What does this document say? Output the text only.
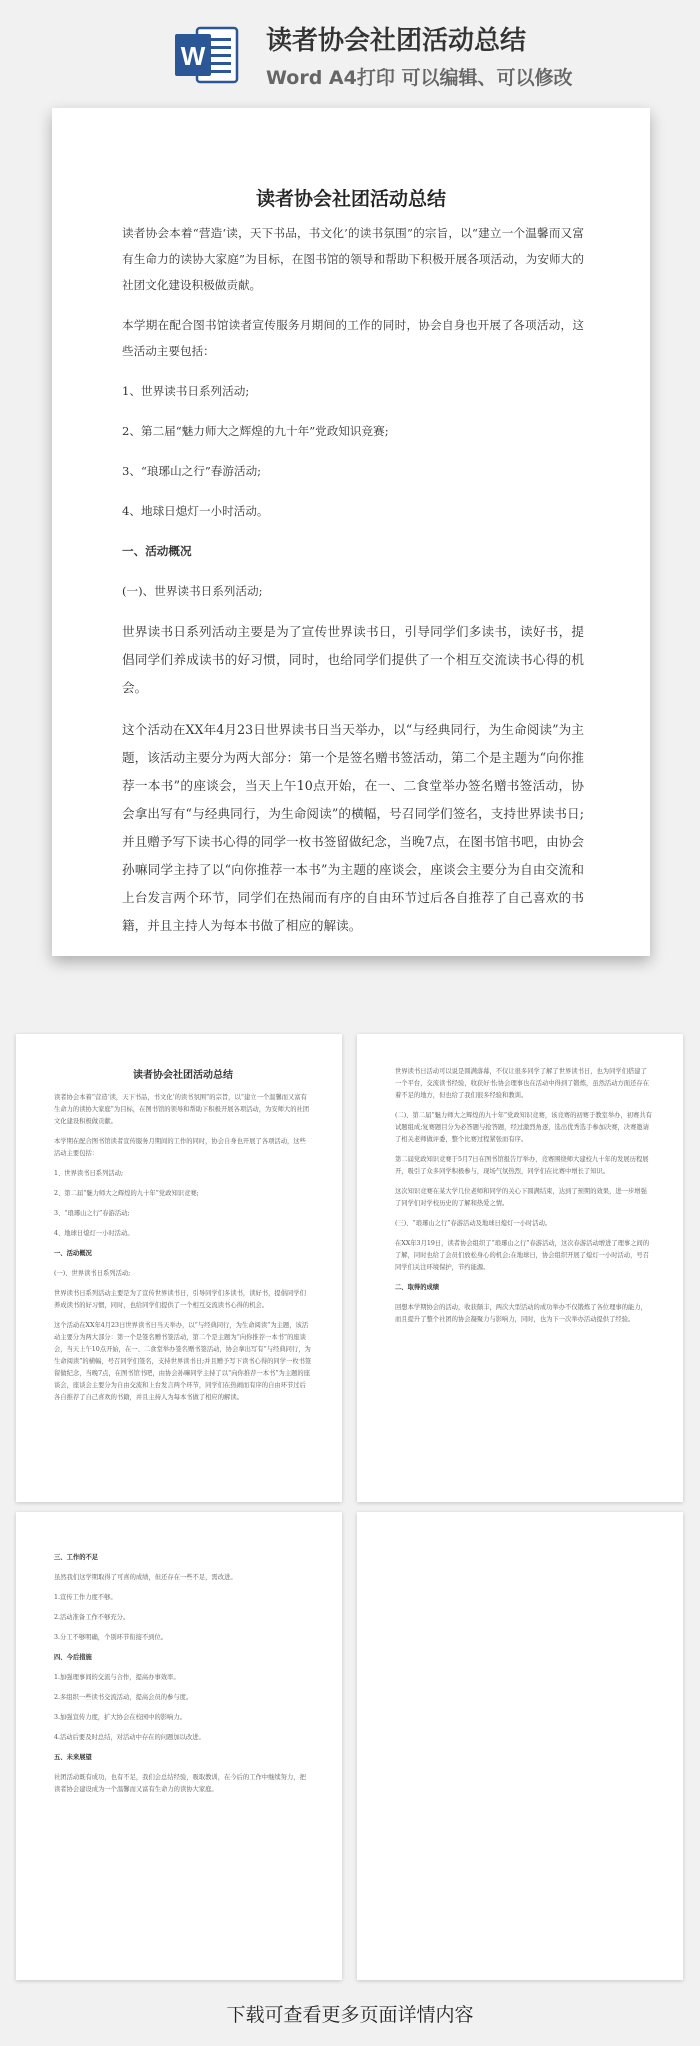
W 读者协会社团活动总结
Word A4打印 可以编辑、可以修改
读者协会社团活动总结

读者协会本着“营造‘读，天下书品，书文化’的读书氛围”的宗旨，以“建立一个温馨而又富有生命力的读协大家庭”为目标，在图书馆的领导和帮助下积极开展各项活动，为安师大的社团文化建设积极做贡献。

本学期在配合图书馆读者宣传服务月期间的工作的同时，协会自身也开展了各项活动，这些活动主要包括：

1、世界读书日系列活动;

2、第二届“魅力师大之辉煌的九十年”党政知识竞赛;

3、“琅琊山之行”春游活动;

4、地球日熄灯一小时活动。

一、活动概况

(一)、世界读书日系列活动;

世界读书日系列活动主要是为了宣传世界读书日，引导同学们多读书，读好书，提倡同学们养成读书的好习惯，同时，也给同学们提供了一个相互交流读书心得的机会。

这个活动在XX年4月23日世界读书日当天举办，以“与经典同行，为生命阅读”为主题，该活动主要分为两大部分：第一个是签名赠书签活动，第二个是主题为“向你推荐一本书”的座谈会，当天上午10点开始，在一、二食堂举办签名赠书签活动，协会拿出写有“与经典同行，为生命阅读”的横幅，号召同学们签名，支持世界读书日;并且赠予写下读书心得的同学一枚书签留做纪念，当晚7点，在图书馆书吧，由协会孙嘛同学主持了以“向你推荐一本书”为主题的座谈会，座谈会主要分为自由交流和上台发言两个环节，同学们在热闹而有序的自由环节过后各自推荐了自己喜欢的书籍，并且主持人为每本书做了相应的解读。

读者协会社团活动总结

读者协会本着“营造‘读，天下书品，书文化’的读书氛围”的宗旨，以“建立一个温馨而又富有生命力的读协大家庭”为目标，在图书馆的领导和帮助下积极开展各项活动，为安师大的社团文化建设积极做贡献。

本学期在配合图书馆读者宣传服务月期间的工作的同时，协会自身也开展了各项活动，这些活动主要包括：

1、世界读书日系列活动;

2、第二届“魅力师大之辉煌的九十年”党政知识竞赛;

3、“琅琊山之行”春游活动;

4、地球日熄灯一小时活动。

一、活动概况

(一)、世界读书日系列活动;

世界读书日系列活动主要是为了宣传世界读书日，引导同学们多读书，读好书，提倡同学们养成读书的好习惯，同时，也给同学们提供了一个相互交流读书心得的机会。

这个活动在XX年4月23日世界读书日当天举办，以“与经典同行，为生命阅读”为主题，该活动主要分为两大部分：第一个是签名赠书签活动，第二个是主题为“向你推荐一本书”的座谈会，当天上午10点开始，在一、二食堂举办签名赠书签活动，协会拿出写有“与经典同行，为生命阅读”的横幅，号召同学们签名，支持世界读书日;并且赠予写下读书心得的同学一枚书签留做纪念，当晚7点，在图书馆书吧，由协会孙嘛同学主持了以“向你推荐一本书”为主题的座谈会，座谈会主要分为自由交流和上台发言两个环节，同学们在热闹而有序的自由环节过后各自推荐了自己喜欢的书籍，并且主持人为每本书做了相应的解读。

世界读书日活动可以说是圆满落幕，不仅让很多同学了解了世界读书日，也为同学们搭建了一个平台，交流读书经验，收获好书;协会理事也在活动中得到了锻炼，虽然活动方面还存在着不足的地方，但也给了我们很多经验和教训。

(二)、第二届“魅力师大之辉煌的九十年”党政知识竞赛，该竞赛的初赛于教室举办，初赛共有试题组成;复赛题目分为必答题与抢答题，经过激烈角逐，选出优秀选手参加决赛，决赛邀请了相关老师做评委，整个比赛过程紧张而有序。

第二届党政知识竞赛于5月7日在图书馆报告厅举办，竞赛围绕师大建校九十年的发展历程展开，吸引了众多同学积极参与，现场气氛热烈，同学们在比赛中增长了知识。

这次知识竞赛在某大学几位老师和同学的关心下圆满结束，达到了预期的效果，进一步增强了同学们对学校历史的了解和热爱之情。

(三)、“琅琊山之行”春游活动及地球日熄灯一小时活动。

在XX年3月19日，读者协会组织了“琅琊山之行”春游活动，这次春游活动增进了理事之间的了解，同时也给了会员们放松身心的机会;在地球日，协会组织开展了熄灯一小时活动，号召同学们关注环境保护，节约能源。

二、取得的成绩

回想本学期协会的活动，收获颇丰，两次大型活动的成功举办不仅锻炼了各位理事的能力，而且提升了整个社团的协会凝聚力与影响力，同时，也为下一次举办活动提供了经验。

三、工作的不足

虽然我们这学期取得了可喜的成绩，但还存在一些不足，需改进。

1.宣传工作力度不够。

2.活动准备工作不够充分。

3.分工不够明确，个别环节衔接不到位。

四、今后措施

1.加强理事间的交流与合作，提高办事效率。

2.多组织一些读书交流活动，提高会员的参与度。

3.加强宣传力度，扩大协会在校园中的影响力。

4.活动后要及时总结，对活动中存在的问题加以改进。

五、未来展望

社团活动既有成功，也有不足，我们会总结经验，吸取教训，在今后的工作中继续努力，把读者协会建设成为一个温馨而又富有生命力的读协大家庭。

下载可查看更多页面详情内容
